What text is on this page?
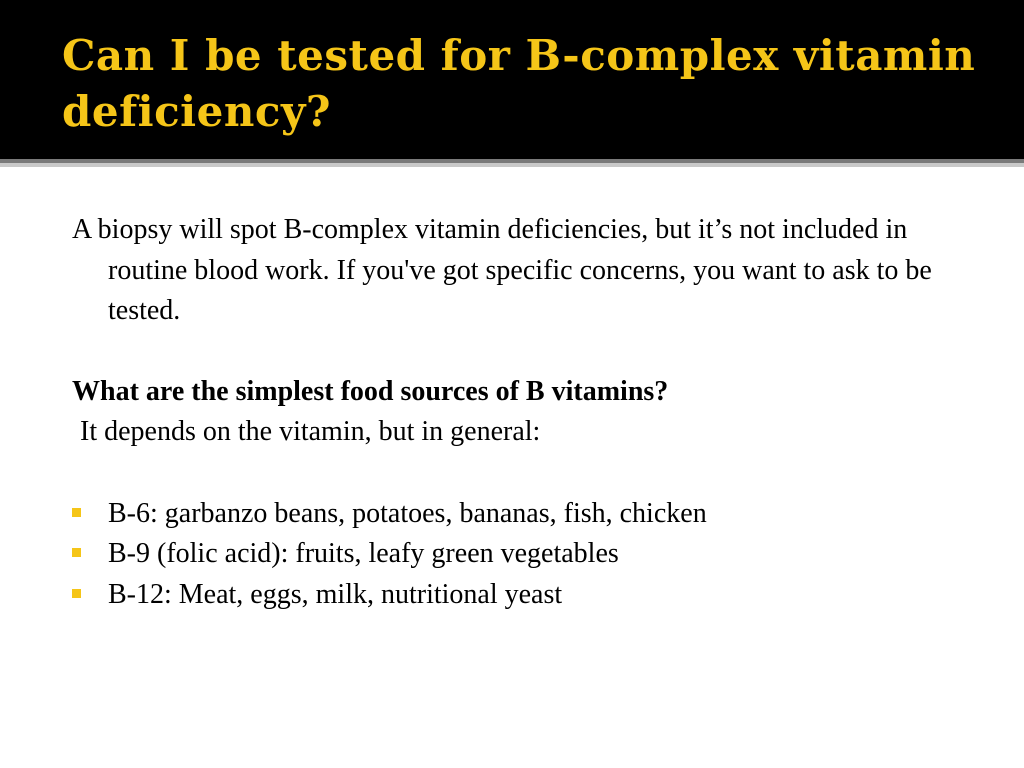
Can I be tested for B-complex vitamin deficiency?

A biopsy will spot B-complex vitamin deficiencies, but it’s not included in routine blood work. If you've got specific concerns, you want to ask to be tested.

What are the simplest food sources of B vitamins?

It depends on the vitamin, but in general:

B-6: garbanzo beans, potatoes, bananas, fish, chicken
B-9 (folic acid): fruits, leafy green vegetables
B-12: Meat, eggs, milk, nutritional yeast
